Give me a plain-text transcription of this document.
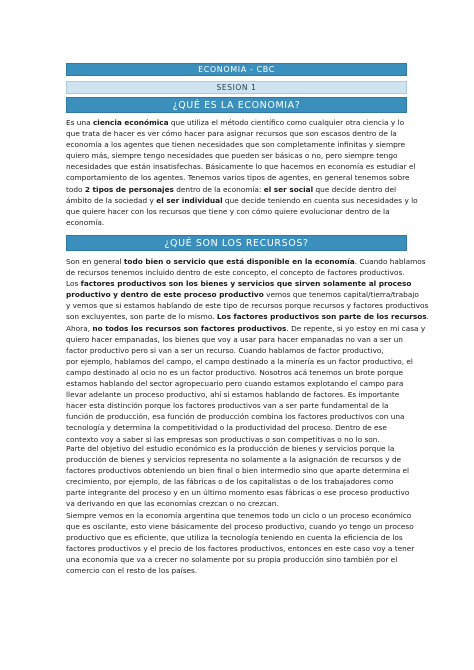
ECONOMIA - CBC
SESION 1
¿QUÉ ES LA ECONOMIA?
Es una ciencia económica que utiliza el método científico como cualquier otra ciencia y lo
que trata de hacer es ver cómo hacer para asignar recursos que son escasos dentro de la
economía a los agentes que tienen necesidades que son completamente infinitas y siempre
quiero más, siempre tengo necesidades que pueden ser básicas o no, pero siempre tengo
necesidades que están insatisfechas. Básicamente lo que hacemos en economía es estudiar el
comportamiento de los agentes. Tenemos varios tipos de agentes, en general tenemos sobre
todo 2 tipos de personajes dentro de la economía: el ser social que decide dentro del
ámbito de la sociedad y el ser individual que decide teniendo en cuenta sus necesidades y lo
que quiere hacer con los recursos que tiene y con cómo quiere evolucionar dentro de la
economía.
¿QUÉ SON LOS RECURSOS?
Son en general todo bien o servicio que está disponible en la economía. Cuando hablamos
de recursos tenemos incluido dentro de este concepto, el concepto de factores productivos.
Los factores productivos son los bienes y servicios que sirven solamente al proceso
productivo y dentro de este proceso productivo vemos que tenemos capital/tierra/trabajo
y vemos que si estamos hablando de este tipo de recursos porque recursos y factores productivos
son excluyentes, son parte de lo mismo. Los factores productivos son parte de los recursos.
Ahora, no todos los recursos son factores productivos. De repente, si yo estoy en mi casa y
quiero hacer empanadas, los bienes que voy a usar para hacer empanadas no van a ser un
factor productivo pero si van a ser un recurso. Cuando hablamos de factor productivo,
por ejemplo, hablamos del campo, el campo destinado a la minería es un factor productivo, el
campo destinado al ocio no es un factor productivo. Nosotros acá tenemos un brote porque
estamos hablando del sector agropecuario pero cuando estamos explotando el campo para
llevar adelante un proceso productivo, ahí si estamos hablando de factores. Es importante
hacer esta distinción porque los factores productivos van a ser parte fundamental de la
función de producción, esa función de producción combina los factores productivos con una
tecnología y determina la competitividad o la productividad del proceso. Dentro de ese
contexto voy a saber si las empresas son productivas o son competitivas o no lo son.
Parte del objetivo del estudio económico es la producción de bienes y servicios porque la
producción de bienes y servicios representa no solamente a la asignación de recursos y de
factores productivos obteniendo un bien final o bien intermedio sino que aparte determina el
crecimiento, por ejemplo, de las fábricas o de los capitalistas o de los trabajadores como
parte integrante del proceso y en un último momento esas fábricas o ese proceso productivo
va derivando en que las economías crezcan o no crezcan.
Siempre vemos en la economía argentina que tenemos todo un ciclo o un proceso económico
que es oscilante, esto viene básicamente del proceso productivo, cuando yo tengo un proceso
productivo que es eficiente, que utiliza la tecnología teniendo en cuenta la eficiencia de los
factores productivos y el precio de los factores productivos, entonces en este caso voy a tener
una economía que va a crecer no solamente por su propia producción sino también por el
comercio con el resto de los países.
